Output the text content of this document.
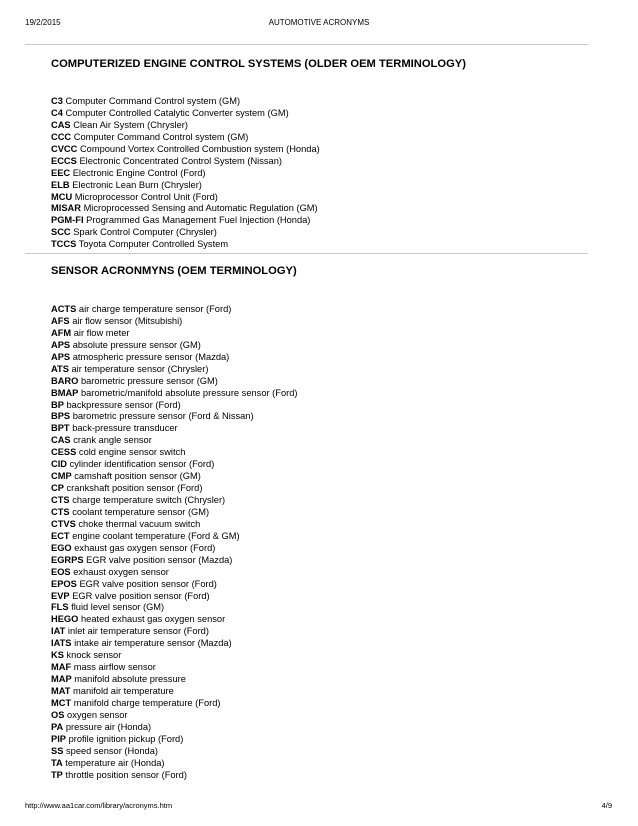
19/2/2015	AUTOMOTIVE ACRONYMS
COMPUTERIZED ENGINE CONTROL SYSTEMS (OLDER OEM TERMINOLOGY)
C3 Computer Command Control system (GM)
C4 Computer Controlled Catalytic Converter system (GM)
CAS Clean Air System (Chrysler)
CCC Computer Command Control system (GM)
CVCC Compound Vortex Controlled Combustion system (Honda)
ECCS Electronic Concentrated Control System (Nissan)
EEC Electronic Engine Control (Ford)
ELB Electronic Lean Burn (Chrysler)
MCU Microprocessor Control Unit (Ford)
MISAR Microprocessed Sensing and Automatic Regulation (GM)
PGM-FI Programmed Gas Management Fuel Injection (Honda)
SCC Spark Control Computer (Chrysler)
TCCS Toyota Computer Controlled System
SENSOR ACRONMYNS (OEM TERMINOLOGY)
ACTS air charge temperature sensor (Ford)
AFS air flow sensor (Mitsubishi)
AFM air flow meter
APS absolute pressure sensor (GM)
APS atmospheric pressure sensor (Mazda)
ATS air temperature sensor (Chrysler)
BARO barometric pressure sensor (GM)
BMAP barometric/manifold absolute pressure sensor (Ford)
BP backpressure sensor (Ford)
BPS barometric pressure sensor (Ford & Nissan)
BPT back-pressure transducer
CAS crank angle sensor
CESS cold engine sensor switch
CID cylinder identification sensor (Ford)
CMP camshaft position sensor (GM)
CP crankshaft position sensor (Ford)
CTS charge temperature switch (Chrysler)
CTS coolant temperature sensor (GM)
CTVS choke thermal vacuum switch
ECT engine coolant temperature (Ford & GM)
EGO exhaust gas oxygen sensor (Ford)
EGRPS EGR valve position sensor (Mazda)
EOS exhaust oxygen sensor
EPOS EGR valve position sensor (Ford)
EVP EGR valve position sensor (Ford)
FLS fluid level sensor (GM)
HEGO heated exhaust gas oxygen sensor
IAT inlet air temperature sensor (Ford)
IATS intake air temperature sensor (Mazda)
KS knock sensor
MAF mass airflow sensor
MAP manifold absolute pressure
MAT manifold air temperature
MCT manifold charge temperature (Ford)
OS oxygen sensor
PA pressure air (Honda)
PIP profile ignition pickup (Ford)
SS speed sensor (Honda)
TA temperature air (Honda)
TP throttle position sensor (Ford)
http://www.aa1car.com/library/acronyms.htm	4/9
